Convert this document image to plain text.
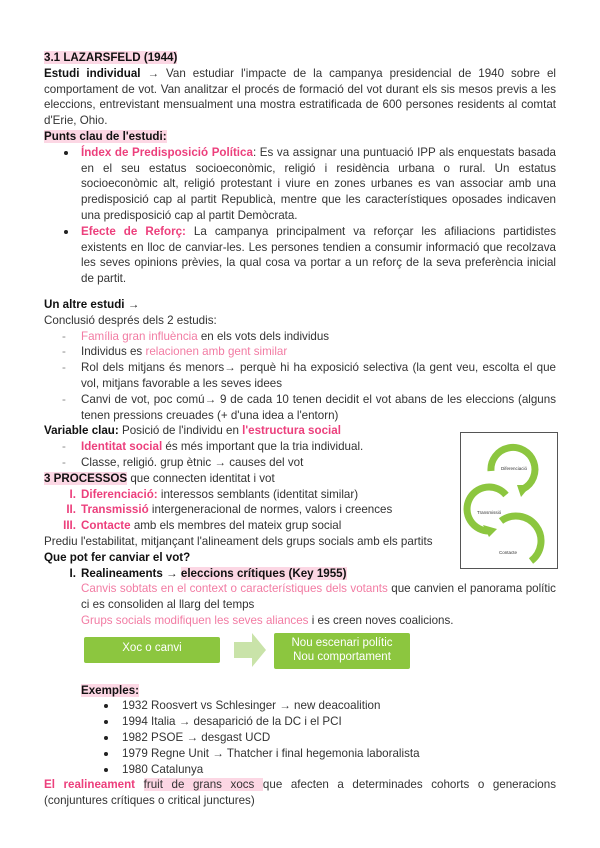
Diferenciació
Transmissió
Contacte

3.1 LAZARSFELD (1944)

Estudi individual → Van estudiar l'impacte de la campanya presidencial de 1940 sobre el comportament de vot. Van analitzar el procés de formació del vot durant els sis mesos previs a les eleccions, entrevistant mensualment una mostra estratificada de 600 persones residents al comtat d'Erie, Ohio.

Punts clau de l'estudi:

Índex de Predisposició Política: Es va assignar una puntuació IPP als enquestats basada en el seu estatus socioeconòmic, religió i residència urbana o rural. Un estatus socioeconòmic alt, religió protestant i viure en zones urbanes es van associar amb una predisposició cap al partit Republicà, mentre que les característiques oposades indicaven una predisposició cap al partit Demòcrata.

Efecte de Reforç: La campanya principalment va reforçar les afiliacions partidistes existents en lloc de canviar-les. Les persones tendien a consumir informació que recolzava les seves opinions prèvies, la qual cosa va portar a un reforç de la seva preferència inicial de partit.

Un altre estudi →

Conclusió després dels 2 estudis:

- Família gran influència en els vots dels individus

- Individus es relacionen amb gent similar

- Rol dels mitjans és menors→ perquè hi ha exposició selectiva (la gent veu, escolta el que vol, mitjans favorable a les seves idees

- Canvi de vot, poc comú→ 9 de cada 10 tenen decidit el vot abans de les eleccions (alguns tenen pressions creuades (+ d'una idea a l'entorn)

Variable clau: Posició de l'individu en l'estructura social

- Identitat social és més important que la tria individual.

- Classe, religió. grup ètnic → causes del vot

3 PROCESSOS que connecten identitat i vot

I. Diferenciació: interessos semblants (identitat similar)

II. Transmissió intergeneracional de normes, valors i creences

III. Contacte amb els membres del mateix grup social

Prediu l'estabilitat, mitjançant l'alineament dels grups socials amb els partits

Que pot fer canviar el vot?

I. Realineaments → eleccions crítiques (Key 1955)

Canvis sobtats en el context o característiques dels votants que canvien el panorama polític ci es consoliden al llarg del temps

Grups socials modifiquen les seves aliances i es creen noves coalicions.

Xoc o canvi	Nou escenari polític
Nou comportament

Exemples:

1932 Roosvert vs Schlesinger → new deacoalition

1994 Italia → desaparició de la DC i el PCI

1982 PSOE → desgast UCD

1979 Regne Unit → Thatcher i final hegemonia laboralista

1980 Catalunya

El realineament fruit de grans xocs que afecten a determinades cohorts o generacions (conjuntures crítiques o critical junctures)
